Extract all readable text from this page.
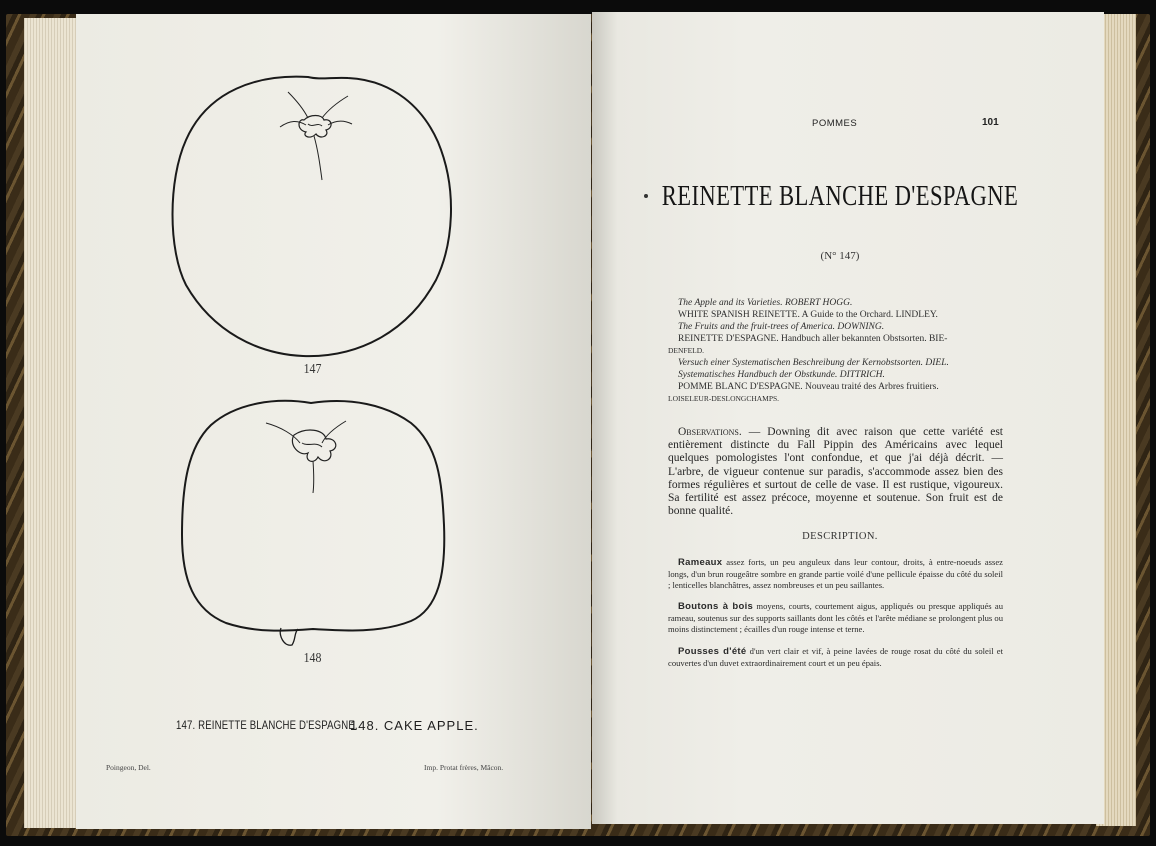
147
148
147. REINETTE BLANCHE D'ESPAGNE.
148. CAKE APPLE.
Poingeon, Del.	Imp. Protat frères, Mâcon.
POMMES	101
REINETTE BLANCHE D'ESPAGNE
(N° 147)
The Apple and its Varieties. ROBERT HOGG.
WHITE SPANISH REINETTE. A Guide to the Orchard. LINDLEY.
The Fruits and the fruit-trees of America. DOWNING.
REINETTE D'ESPAGNE. Handbuch aller bekannten Obstsorten. BIE-
DENFELD.
Versuch einer Systematischen Beschreibung der Kernobstsorten. DIEL.
Systematisches Handbuch der Obstkunde. DITTRICH.
POMME BLANC D'ESPAGNE. Nouveau traité des Arbres fruitiers.
LOISELEUR-DESLONGCHAMPS.
Observations. — Downing dit avec raison que cette variété est entièrement distincte du Fall Pippin des Américains avec lequel quelques pomologistes l'ont confondue, et que j'ai déjà décrit. — L'arbre, de vigueur contenue sur paradis, s'accommode assez bien des formes régulières et surtout de celle de vase. Il est rustique, vigoureux. Sa fertilité est assez précoce, moyenne et soutenue. Son fruit est de bonne qualité.
DESCRIPTION.
Rameaux assez forts, un peu anguleux dans leur contour, droits, à entre-noeuds assez longs, d'un brun rougeâtre sombre en grande partie voilé d'une pellicule épaisse du côté du soleil ; lenticelles blanchâtres, assez nombreuses et un peu saillantes.
Boutons à bois moyens, courts, courtement aigus, appliqués ou presque appliqués au rameau, soutenus sur des supports saillants dont les côtés et l'arête médiane se prolongent plus ou moins distinctement ; écailles d'un rouge intense et terne.
Pousses d'été d'un vert clair et vif, à peine lavées de rouge rosat du côté du soleil et couvertes d'un duvet extraordinairement court et un peu épais.
